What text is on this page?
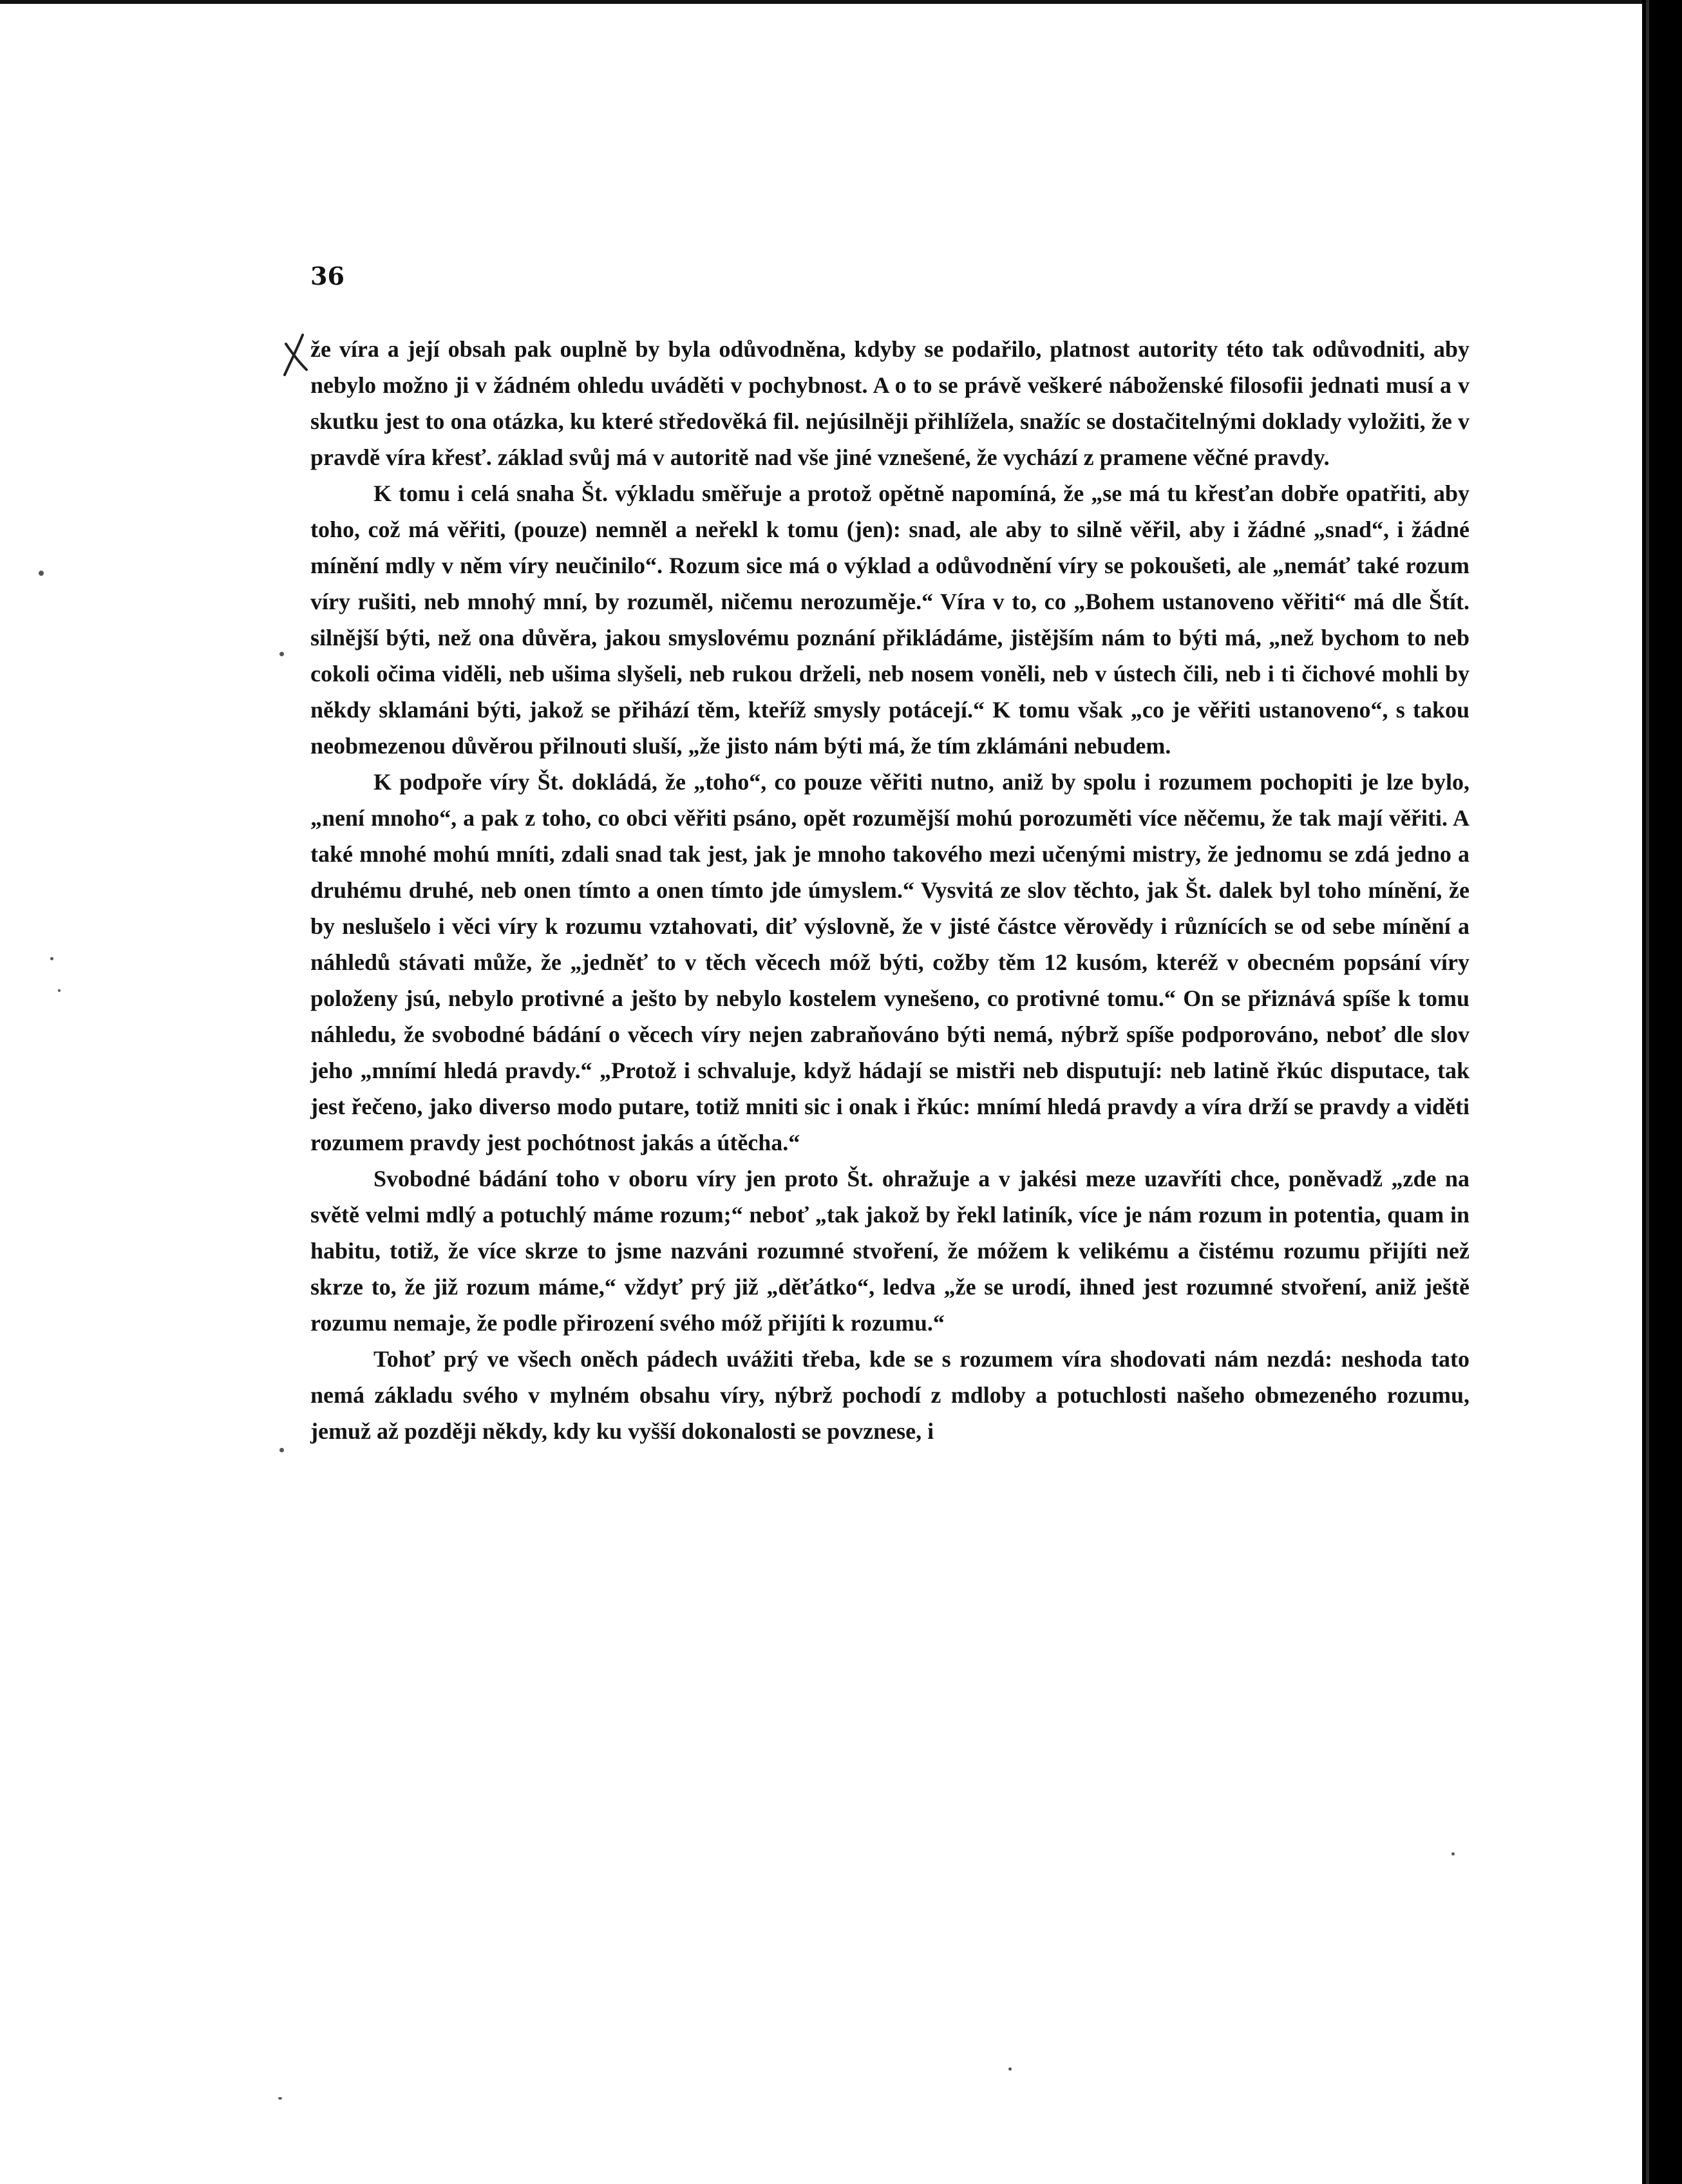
36

že víra a její obsah pak ouplně by byla odůvodněna, kdyby se podařilo, platnost autority této tak odůvodniti, aby nebylo možno ji v žádném ohledu uváděti v pochybnost. A o to se právě veškeré náboženské filosofii jednati musí a v skutku jest to ona otázka, ku které středověká fil. nejúsilněji přihlížela, snažíc se dostačitelnými doklady vyložiti, že v pravdě víra křesť. základ svůj má v autoritě nad vše jiné vznešené, že vychází z pramene věčné pravdy.

K tomu i celá snaha Št. výkladu směřuje a protož opětně napomíná, že „se má tu křesťan dobře opatřiti, aby toho, což má věřiti, (pouze) nemněl a neřekl k tomu (jen): snad, ale aby to silně věřil, aby i žádné „snad“, i žádné mínění mdly v něm víry neučinilo“. Rozum sice má o výklad a odůvodnění víry se pokoušeti, ale „nemáť také rozum víry rušiti, neb mnohý mní, by rozuměl, ničemu nerozuměje.“ Víra v to, co „Bohem ustanoveno věřiti“ má dle Štít. silnější býti, než ona důvěra, jakou smyslovému poznání přikládáme, jistějším nám to býti má, „než bychom to neb cokoli očima viděli, neb ušima slyšeli, neb rukou drželi, neb nosem voněli, neb v ústech čili, neb i ti čichové mohli by někdy sklamáni býti, jakož se přihází těm, kteříž smysly potácejí.“ K tomu však „co je věřiti ustanoveno“, s takou neobmezenou důvěrou přilnouti sluší, „že jisto nám býti má, že tím zklámáni nebudem.

K podpoře víry Št. dokládá, že „toho“, co pouze věřiti nutno, aniž by spolu i rozumem pochopiti je lze bylo, „není mnoho“, a pak z toho, co obci věřiti psáno, opět rozumější mohú porozuměti více něčemu, že tak mají věřiti. A také mnohé mohú mníti, zdali snad tak jest, jak je mnoho takového mezi učenými mistry, že jednomu se zdá jedno a druhému druhé, neb onen tímto a onen tímto jde úmyslem.“ Vysvitá ze slov těchto, jak Št. dalek byl toho mínění, že by neslušelo i věci víry k rozumu vztahovati, diť výslovně, že v jisté částce věrovědy i různících se od sebe mínění a náhledů stávati může, že „jedněť to v těch věcech móž býti, cožby těm 12 kusóm, kteréž v obecném popsání víry položeny jsú, nebylo protivné a ješto by nebylo kostelem vynešeno, co protivné tomu.“ On se přiznává spíše k tomu náhledu, že svobodné bádání o věcech víry nejen zabraňováno býti nemá, nýbrž spíše podporováno, neboť dle slov jeho „mnímí hledá pravdy.“ „Protož i schvaluje, když hádají se mistři neb disputují: neb latině řkúc disputace, tak jest řečeno, jako diverso modo putare, totiž mniti sic i onak i řkúc: mnímí hledá pravdy a víra drží se pravdy a viděti rozumem pravdy jest pochótnost jakás a útěcha.“

Svobodné bádání toho v oboru víry jen proto Št. ohražuje a v jakési meze uzavříti chce, poněvadž „zde na světě velmi mdlý a potuchlý máme rozum;“ neboť „tak jakož by řekl latiník, více je nám rozum in potentia, quam in habitu, totiž, že více skrze to jsme nazváni rozumné stvoření, že móžem k velikému a čistému rozumu přijíti než skrze to, že již rozum máme,“ vždyť prý již „děťátko“, ledva „že se urodí, ihned jest rozumné stvoření, aniž ještě rozumu nemaje, že podle přirození svého móž přijíti k rozumu.“

Tohoť prý ve všech oněch pádech uvážiti třeba, kde se s rozumem víra shodovati nám nezdá: neshoda tato nemá základu svého v mylném obsahu víry, nýbrž pochodí z mdloby a potuchlosti našeho obmezeného rozumu, jemuž až později někdy, kdy ku vyšší dokonalosti se povznese, i
